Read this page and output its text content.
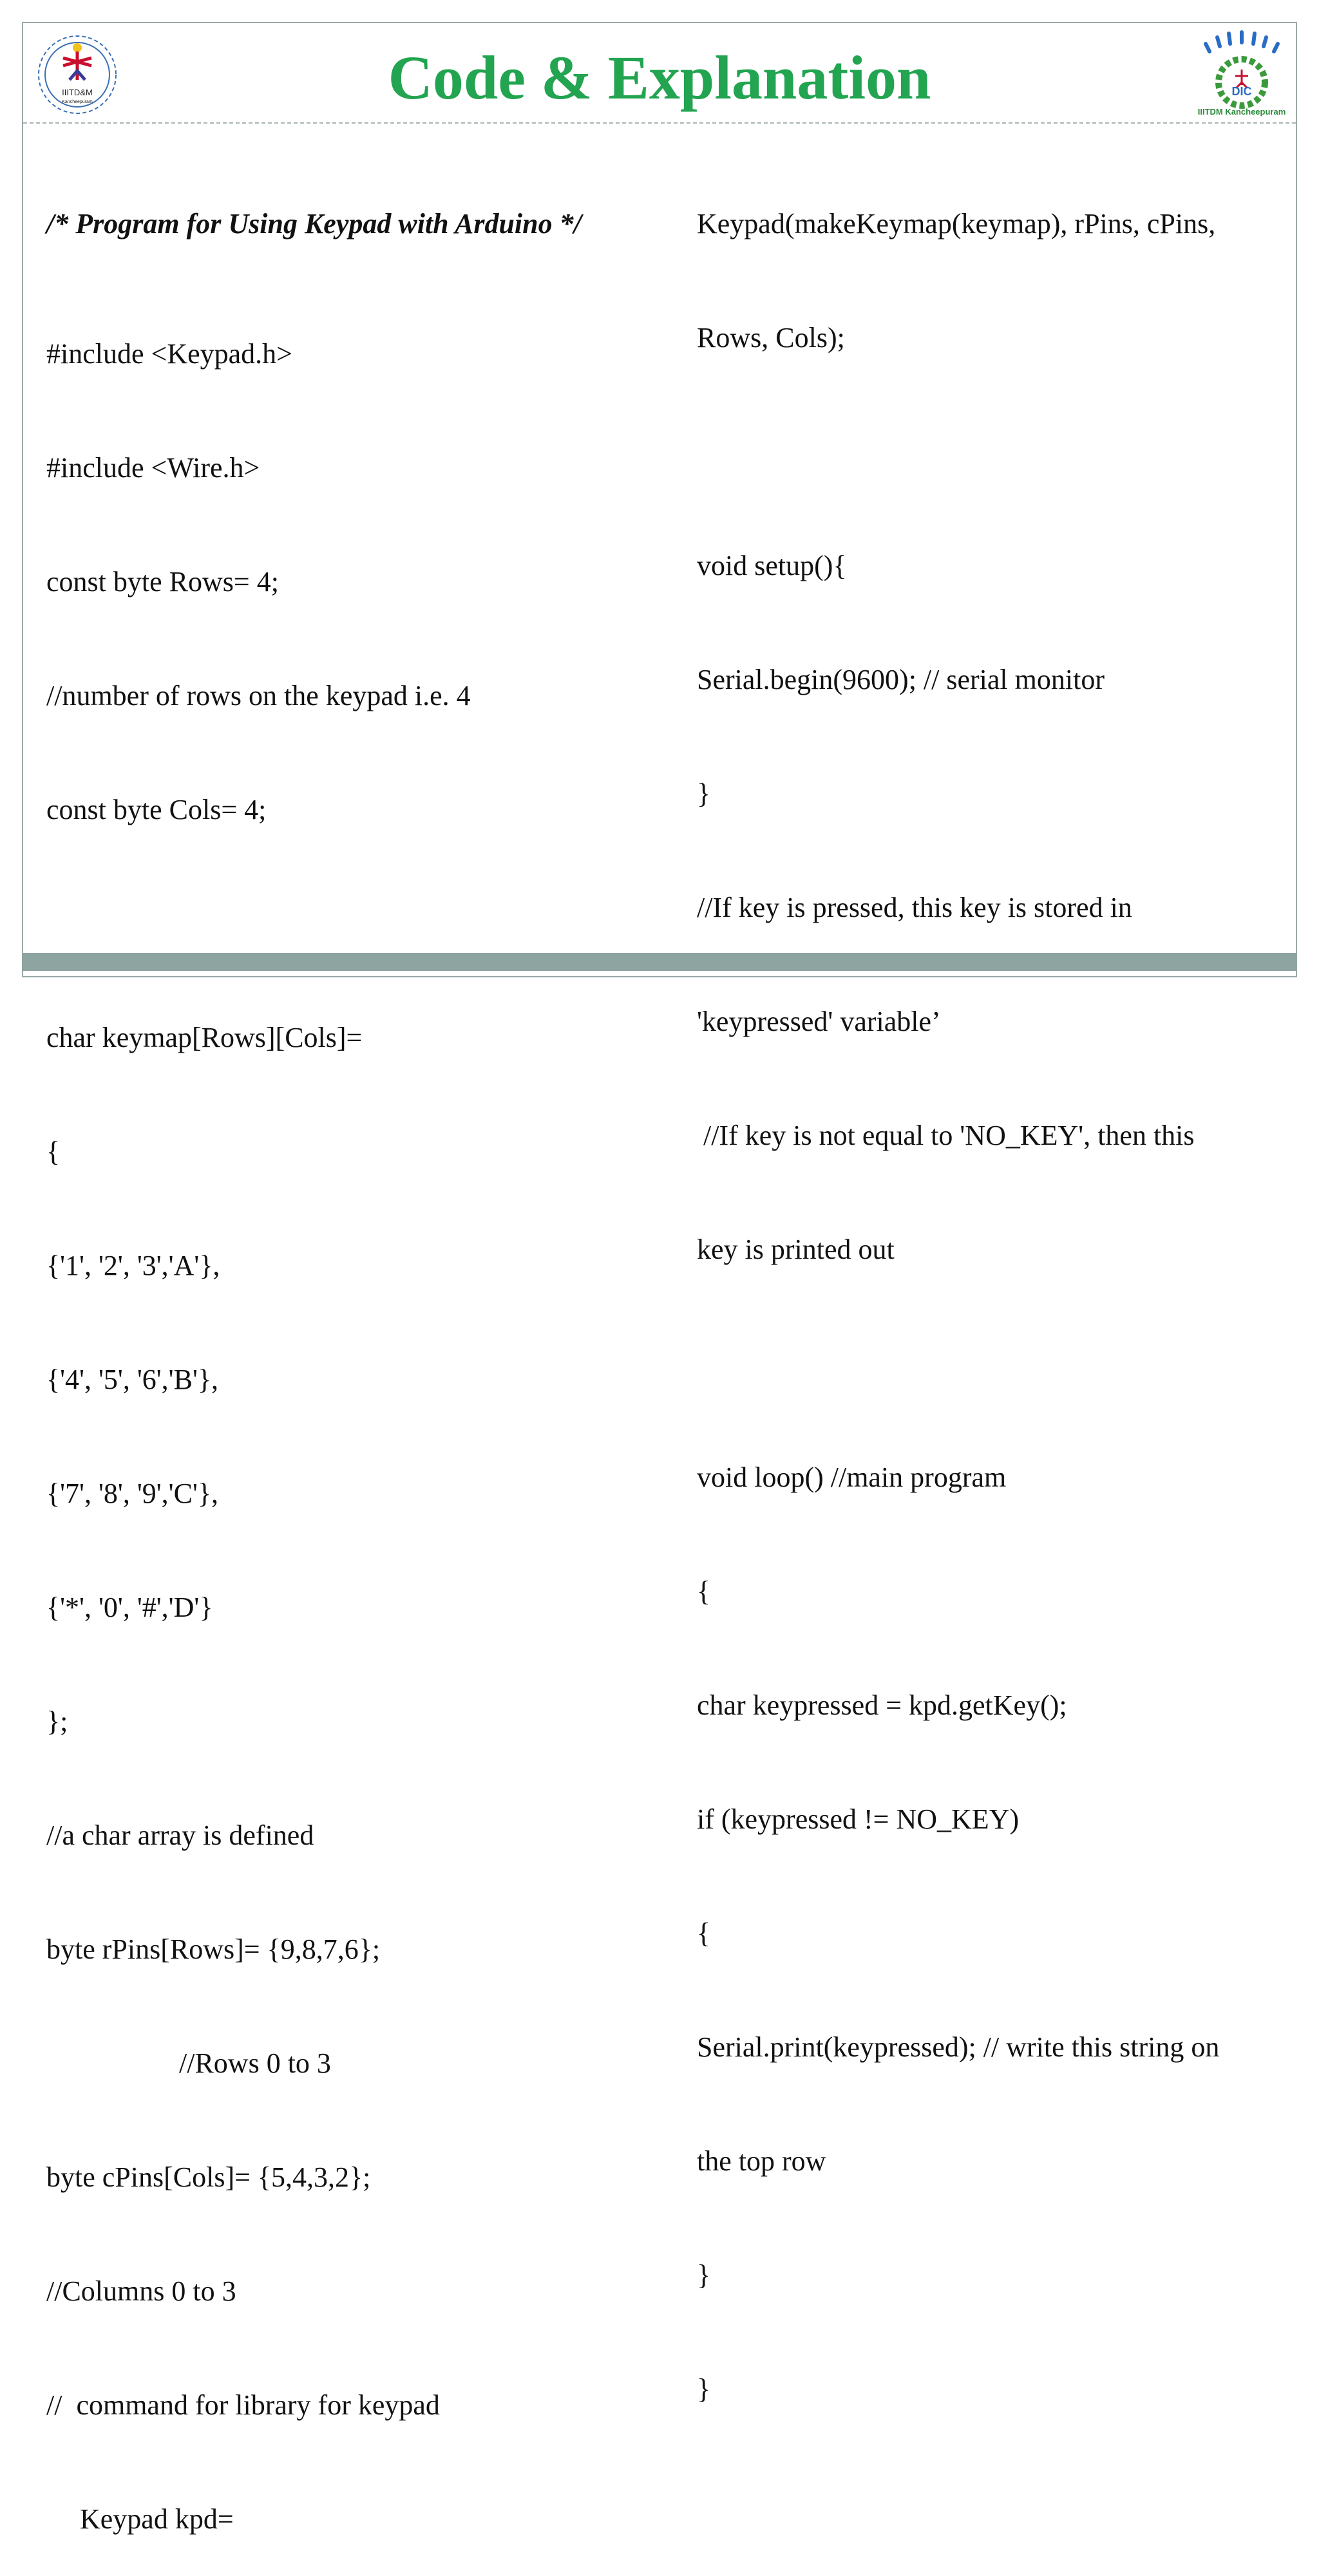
IIITD&M
Kancheepuram	Code & Explanation	DIC
IIITDM Kancheepuram

/* Program for Using Keypad with Arduino */

#include <Keypad.h>

#include <Wire.h>

const byte Rows= 4;

//number of rows on the keypad i.e. 4

const byte Cols= 4;

char keymap[Rows][Cols]=

{

{'1', '2', '3','A'},

{'4', '5', '6','B'},

{'7', '8', '9','C'},

{'*', '0', '#','D'}

};

//a char array is defined

byte rPins[Rows]= {9,8,7,6};

//Rows 0 to 3

byte cPins[Cols]= {5,4,3,2};

//Columns 0 to 3

//  command for library for keypad

Keypad kpd=

Keypad(makeKeymap(keymap), rPins, cPins,

Rows, Cols);

void setup(){

Serial.begin(9600); // serial monitor

}

//If key is pressed, this key is stored in

'keypressed' variable’

//If key is not equal to 'NO_KEY', then this

key is printed out

void loop() //main program

{

char keypressed = kpd.getKey();

if (keypressed != NO_KEY)

{

Serial.print(keypressed); // write this string on

the top row

}

}
